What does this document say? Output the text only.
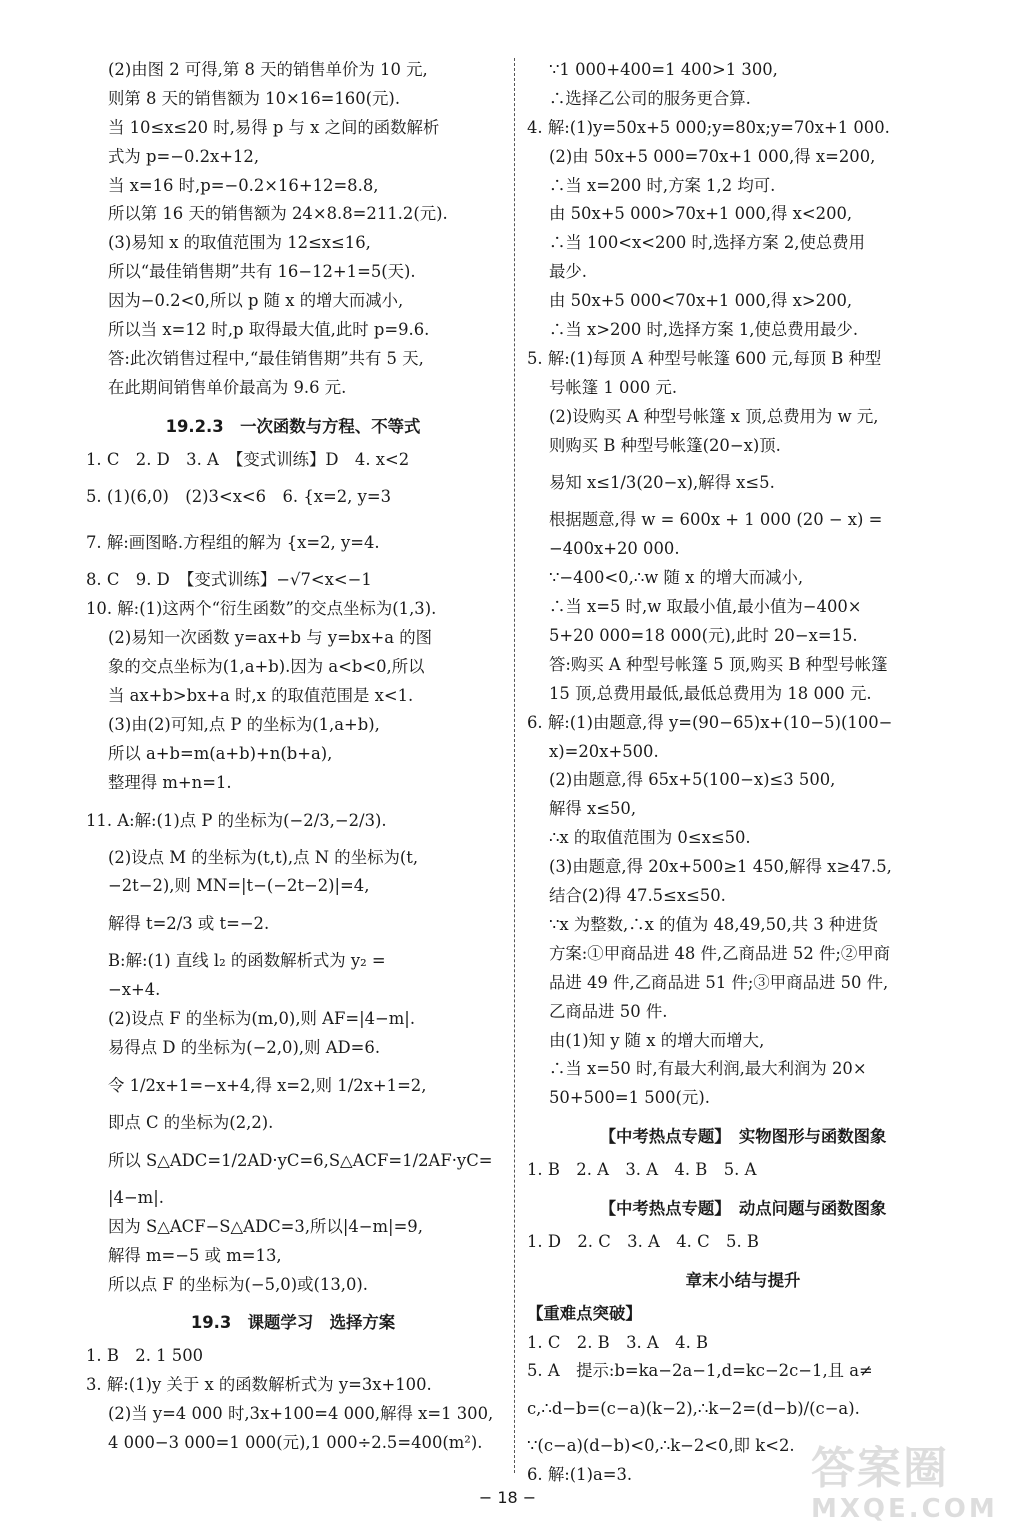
(2)由图 2 可得,第 8 天的销售单价为 10 元,
则第 8 天的销售额为 10×16=160(元).
当 10≤x≤20 时,易得 p 与 x 之间的函数解析
式为 p=−0.2x+12,
当 x=16 时,p=−0.2×16+12=8.8,
所以第 16 天的销售额为 24×8.8=211.2(元).
(3)易知 x 的取值范围为 12≤x≤16,
所以“最佳销售期”共有 16−12+1=5(天).
因为−0.2<0,所以 p 随 x 的增大而减小,
所以当 x=12 时,p 取得最大值,此时 p=9.6.
答:此次销售过程中,“最佳销售期”共有 5 天,
在此期间销售单价最高为 9.6 元.
19.2.3　一次函数与方程、不等式
1. C　2. D　3. A　【变式训练】D　4. x<2
5. (1)(6,0)　(2)3<x<6　6. {x=2, y=3
7. 解:画图略.方程组的解为 {x=2, y=4.
8. C　9. D　【变式训练】−√7<x<−1
10. 解:(1)这两个“衍生函数”的交点坐标为(1,3).
(2)易知一次函数 y=ax+b 与 y=bx+a 的图
象的交点坐标为(1,a+b).因为 a<b<0,所以
当 ax+b>bx+a 时,x 的取值范围是 x<1.
(3)由(2)可知,点 P 的坐标为(1,a+b),
所以 a+b=m(a+b)+n(b+a),
整理得 m+n=1.
11. A:解:(1)点 P 的坐标为(−2/3,−2/3).
(2)设点 M 的坐标为(t,t),点 N 的坐标为(t,
−2t−2),则 MN=|t−(−2t−2)|=4,
解得 t=2/3 或 t=−2.
B:解:(1) 直线 l₂ 的函数解析式为 y₂ =
−x+4.
(2)设点 F 的坐标为(m,0),则 AF=|4−m|.
易得点 D 的坐标为(−2,0),则 AD=6.
令 1/2x+1=−x+4,得 x=2,则 1/2x+1=2,
即点 C 的坐标为(2,2).
所以 S△ADC=1/2AD·yC=6,S△ACF=1/2AF·yC=
|4−m|.
因为 S△ACF−S△ADC=3,所以|4−m|=9,
解得 m=−5 或 m=13,
所以点 F 的坐标为(−5,0)或(13,0).
19.3　课题学习　选择方案
1. B　2. 1 500
3. 解:(1)y 关于 x 的函数解析式为 y=3x+100.
(2)当 y=4 000 时,3x+100=4 000,解得 x=1 300,
4 000−3 000=1 000(元),1 000÷2.5=400(m²).
∵1 000+400=1 400>1 300,
∴选择乙公司的服务更合算.
4. 解:(1)y=50x+5 000;y=80x;y=70x+1 000.
(2)由 50x+5 000=70x+1 000,得 x=200,
∴当 x=200 时,方案 1,2 均可.
由 50x+5 000>70x+1 000,得 x<200,
∴当 100<x<200 时,选择方案 2,使总费用
最少.
由 50x+5 000<70x+1 000,得 x>200,
∴当 x>200 时,选择方案 1,使总费用最少.
5. 解:(1)每顶 A 种型号帐篷 600 元,每顶 B 种型
号帐篷 1 000 元.
(2)设购买 A 种型号帐篷 x 顶,总费用为 w 元,
则购买 B 种型号帐篷(20−x)顶.
易知 x≤1/3(20−x),解得 x≤5.
根据题意,得 w = 600x + 1 000 (20 − x) =
−400x+20 000.
∵−400<0,∴w 随 x 的增大而减小,
∴当 x=5 时,w 取最小值,最小值为−400×
5+20 000=18 000(元),此时 20−x=15.
答:购买 A 种型号帐篷 5 顶,购买 B 种型号帐篷
15 顶,总费用最低,最低总费用为 18 000 元.
6. 解:(1)由题意,得 y=(90−65)x+(10−5)(100−
x)=20x+500.
(2)由题意,得 65x+5(100−x)≤3 500,
解得 x≤50,
∴x 的取值范围为 0≤x≤50.
(3)由题意,得 20x+500≥1 450,解得 x≥47.5,
结合(2)得 47.5≤x≤50.
∵x 为整数,∴x 的值为 48,49,50,共 3 种进货
方案:①甲商品进 48 件,乙商品进 52 件;②甲商
品进 49 件,乙商品进 51 件;③甲商品进 50 件,
乙商品进 50 件.
由(1)知 y 随 x 的增大而增大,
∴当 x=50 时,有最大利润,最大利润为 20×
50+500=1 500(元).
【中考热点专题】　实物图形与函数图象
1. B　2. A　3. A　4. B　5. A
【中考热点专题】　动点问题与函数图象
1. D　2. C　3. A　4. C　5. B
章末小结与提升
【重难点突破】
1. C　2. B　3. A　4. B
5. A　提示:b=ka−2a−1,d=kc−2c−1,且 a≠
c,∴d−b=(c−a)(k−2),∴k−2=(d−b)/(c−a).
∵(c−a)(d−b)<0,∴k−2<0,即 k<2.
6. 解:(1)a=3.
− 18 −
答案圈
MXQE.COM
